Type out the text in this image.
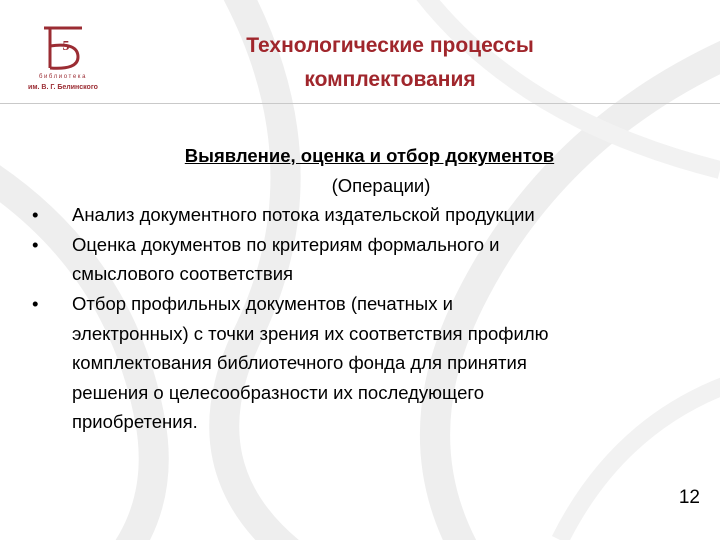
5
библиотека
им. В. Г. Белинского
Технологические процессы
комплектования
Выявление, оценка и отбор документов
(Операции)
•	Анализ документного потока издательской продукции
•	Оценка документов по критериям формального и
смыслового соответствия
•	Отбор профильных документов (печатных и
электронных) с точки зрения их соответствия профилю
комплектования библиотечного фонда для принятия
решения о целесообразности их последующего
приобретения.
12
